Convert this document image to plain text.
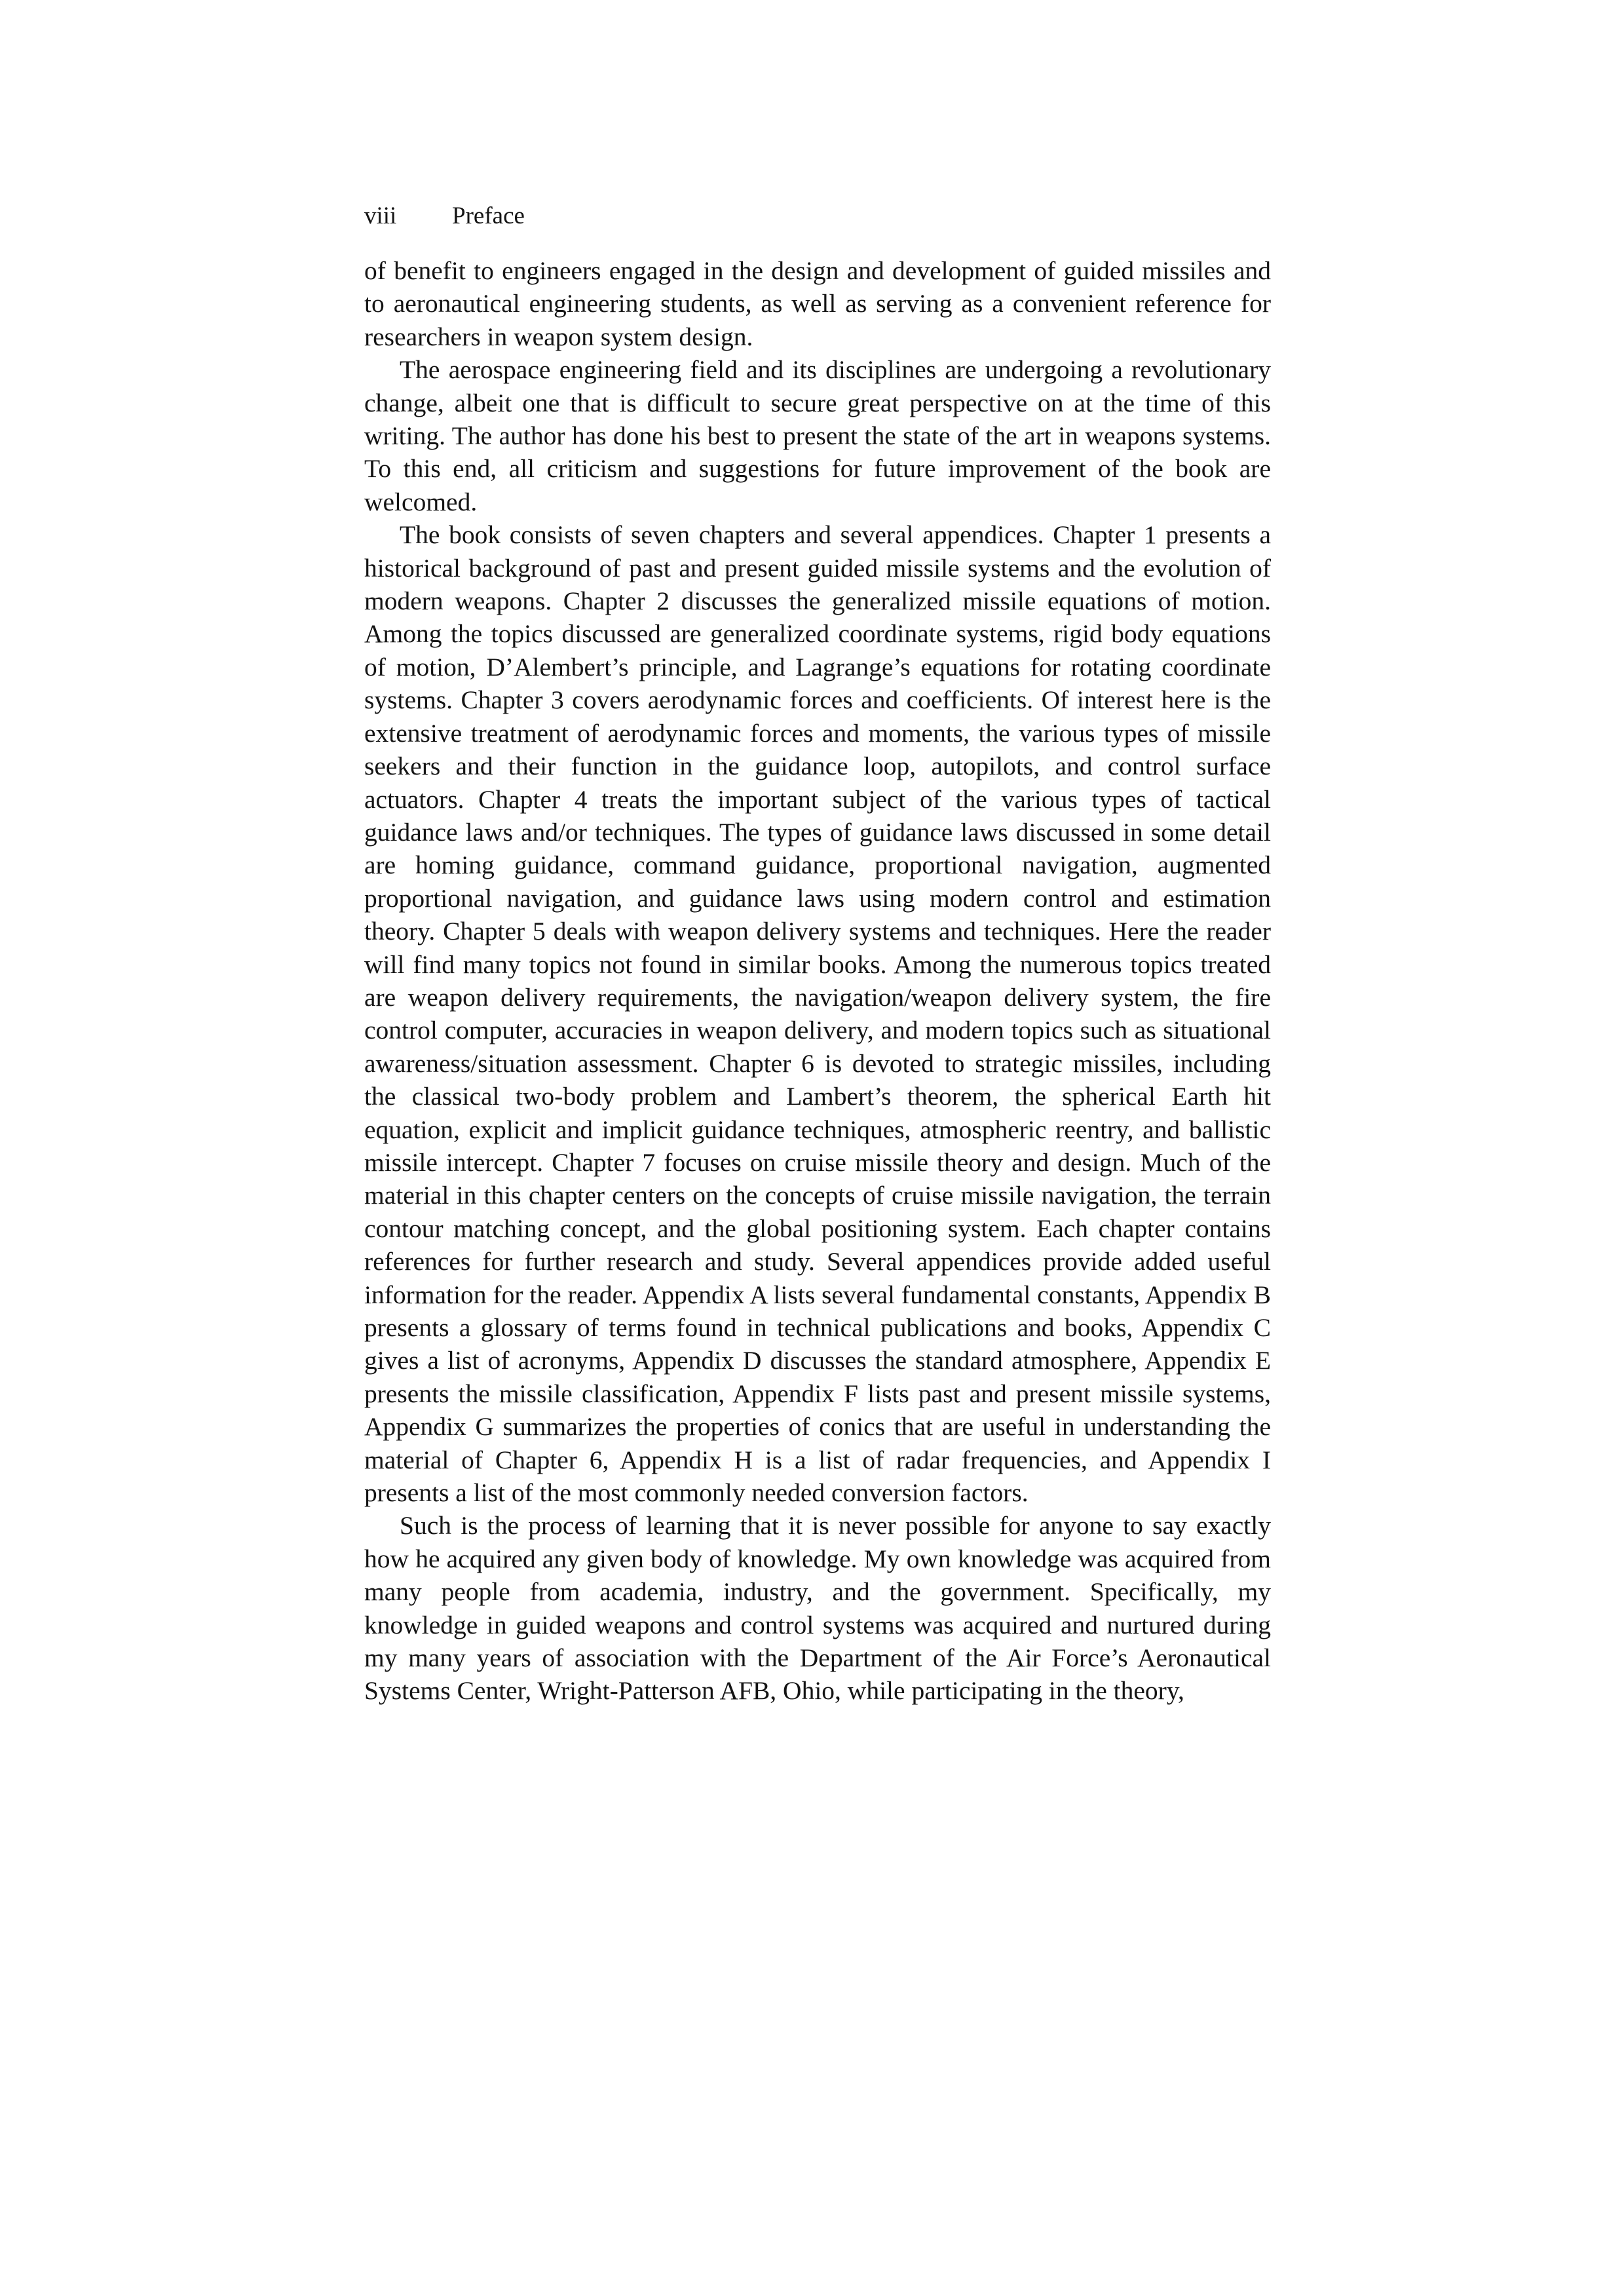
viii Preface

of benefit to engineers engaged in the design and development of guided missiles and to aeronautical engineering students, as well as serving as a convenient reference for researchers in weapon system design.

The aerospace engineering field and its disciplines are undergoing a revolutionary change, albeit one that is difficult to secure great perspective on at the time of this writing. The author has done his best to present the state of the art in weapons systems. To this end, all criticism and suggestions for future improvement of the book are welcomed.

The book consists of seven chapters and several appendices. Chapter 1 presents a historical background of past and present guided missile systems and the evolution of modern weapons. Chapter 2 discusses the generalized missile equations of motion. Among the topics discussed are generalized coordinate systems, rigid body equations of motion, D’Alembert’s principle, and Lagrange’s equations for rotating coordinate systems. Chapter 3 covers aerodynamic forces and coefficients. Of interest here is the extensive treatment of aerodynamic forces and moments, the various types of missile seekers and their function in the guidance loop, autopilots, and control surface actuators. Chapter 4 treats the important subject of the various types of tactical guidance laws and/or techniques. The types of guidance laws discussed in some detail are homing guidance, command guidance, proportional navigation, augmented proportional navigation, and guidance laws using modern control and estimation theory. Chapter 5 deals with weapon delivery systems and techniques. Here the reader will find many topics not found in similar books. Among the numerous topics treated are weapon delivery requirements, the navigation/weapon delivery system, the fire control computer, accuracies in weapon delivery, and modern topics such as situational awareness/situation assessment. Chapter 6 is devoted to strategic missiles, including the classical two-body problem and Lambert’s theorem, the spherical Earth hit equation, explicit and implicit guidance techniques, atmospheric reentry, and ballistic missile intercept. Chapter 7 focuses on cruise missile theory and design. Much of the material in this chapter centers on the concepts of cruise missile navigation, the terrain contour matching concept, and the global positioning system. Each chapter contains references for further research and study. Several appendices provide added useful information for the reader. Appendix A lists several fundamental constants, Appendix B presents a glossary of terms found in technical publications and books, Appendix C gives a list of acronyms, Appendix D discusses the standard atmosphere, Appendix E presents the missile classification, Appendix F lists past and present missile systems, Appendix G summarizes the properties of conics that are useful in understanding the material of Chapter 6, Appendix H is a list of radar frequencies, and Appendix I presents a list of the most commonly needed conversion factors.

Such is the process of learning that it is never possible for anyone to say exactly how he acquired any given body of knowledge. My own knowledge was acquired from many people from academia, industry, and the government. Specifically, my knowledge in guided weapons and control systems was acquired and nurtured during my many years of association with the Department of the Air Force’s Aeronautical Systems Center, Wright-Patterson AFB, Ohio, while participating in the theory,
